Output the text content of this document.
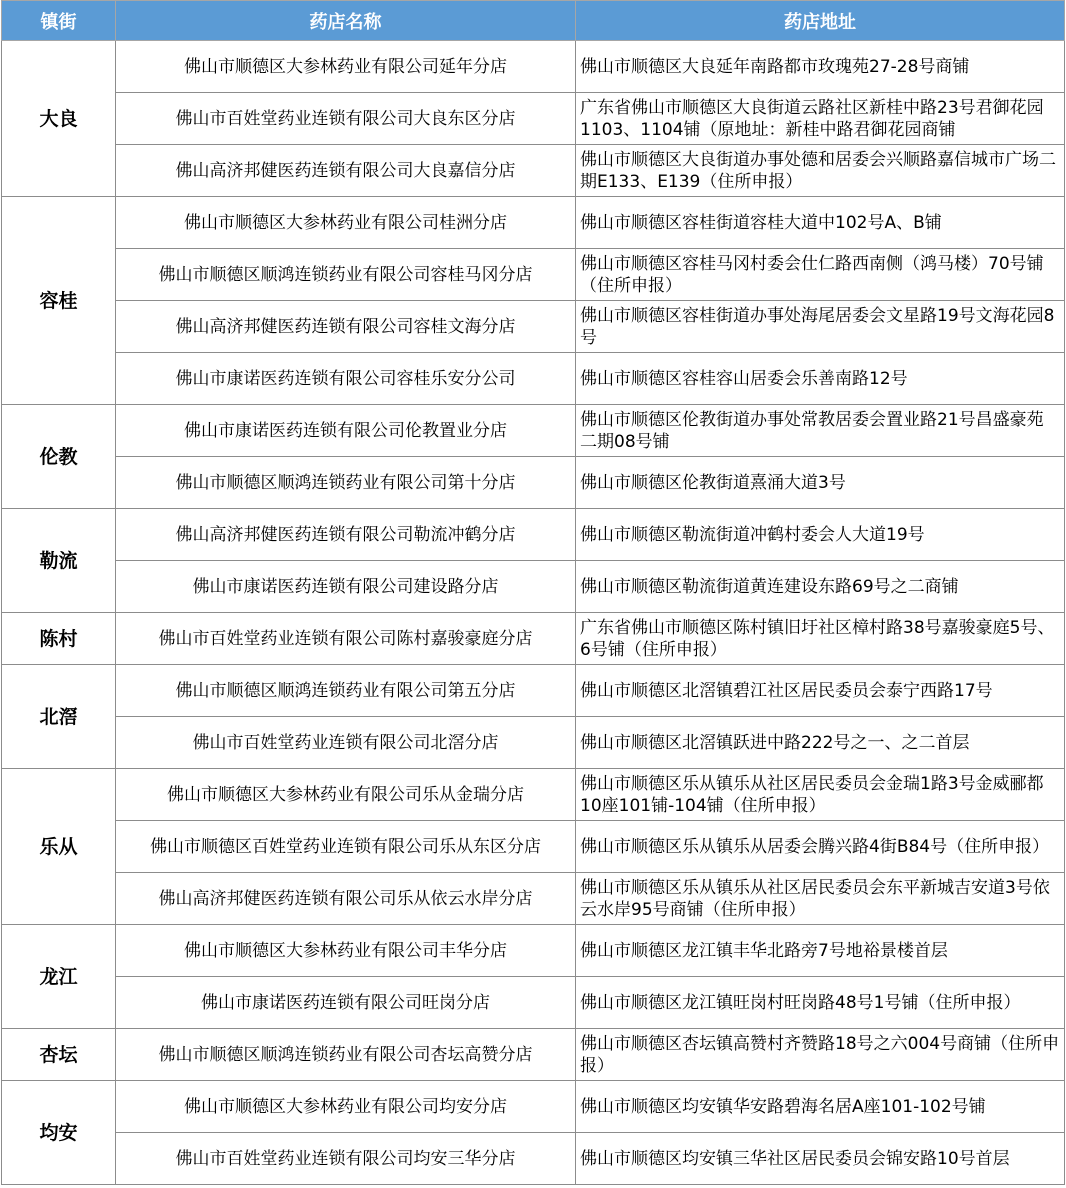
镇街	药店名称	药店地址
大良	佛山市顺德区大参林药业有限公司延年分店	佛山市顺德区大良延年南路都市玫瑰苑27-28号商铺
	佛山市百姓堂药业连锁有限公司大良东区分店	广东省佛山市顺德区大良街道云路社区新桂中路23号君御花园1103、1104铺（原地址：新桂中路君御花园商铺
	佛山高济邦健医药连锁有限公司大良嘉信分店	佛山市顺德区大良街道办事处德和居委会兴顺路嘉信城市广场二期E133、E139（住所申报）
容桂	佛山市顺德区大参林药业有限公司桂洲分店	佛山市顺德区容桂街道容桂大道中102号A、B铺
	佛山市顺德区顺鸿连锁药业有限公司容桂马冈分店	佛山市顺德区容桂马冈村委会仕仁路西南侧（鸿马楼）70号铺（住所申报）
	佛山高济邦健医药连锁有限公司容桂文海分店	佛山市顺德区容桂街道办事处海尾居委会文星路19号文海花园8号
	佛山市康诺医药连锁有限公司容桂乐安分公司	佛山市顺德区容桂容山居委会乐善南路12号
伦教	佛山市康诺医药连锁有限公司伦教置业分店	佛山市顺德区伦教街道办事处常教居委会置业路21号昌盛豪苑二期08号铺
	佛山市顺德区顺鸿连锁药业有限公司第十分店	佛山市顺德区伦教街道熹涌大道3号
勒流	佛山高济邦健医药连锁有限公司勒流冲鹤分店	佛山市顺德区勒流街道冲鹤村委会人大道19号
	佛山市康诺医药连锁有限公司建设路分店	佛山市顺德区勒流街道黄连建设东路69号之二商铺
陈村	佛山市百姓堂药业连锁有限公司陈村嘉骏豪庭分店	广东省佛山市顺德区陈村镇旧圩社区樟村路38号嘉骏豪庭5号、6号铺（住所申报）
北滘	佛山市顺德区顺鸿连锁药业有限公司第五分店	佛山市顺德区北滘镇碧江社区居民委员会泰宁西路17号
	佛山市百姓堂药业连锁有限公司北滘分店	佛山市顺德区北滘镇跃进中路222号之一、之二首层
乐从	佛山市顺德区大参林药业有限公司乐从金瑞分店	佛山市顺德区乐从镇乐从社区居民委员会金瑞1路3号金威郦都10座101铺-104铺（住所申报）
	佛山市顺德区百姓堂药业连锁有限公司乐从东区分店	佛山市顺德区乐从镇乐从居委会腾兴路4街B84号（住所申报）
	佛山高济邦健医药连锁有限公司乐从依云水岸分店	佛山市顺德区乐从镇乐从社区居民委员会东平新城吉安道3号依云水岸95号商铺（住所申报）
龙江	佛山市顺德区大参林药业有限公司丰华分店	佛山市顺德区龙江镇丰华北路旁7号地裕景楼首层
	佛山市康诺医药连锁有限公司旺岗分店	佛山市顺德区龙江镇旺岗村旺岗路48号1号铺（住所申报）
杏坛	佛山市顺德区顺鸿连锁药业有限公司杏坛高赞分店	佛山市顺德区杏坛镇高赞村齐赞路18号之六004号商铺（住所申报）
均安	佛山市顺德区大参林药业有限公司均安分店	佛山市顺德区均安镇华安路碧海名居A座101-102号铺
	佛山市百姓堂药业连锁有限公司均安三华分店	佛山市顺德区均安镇三华社区居民委员会锦安路10号首层
